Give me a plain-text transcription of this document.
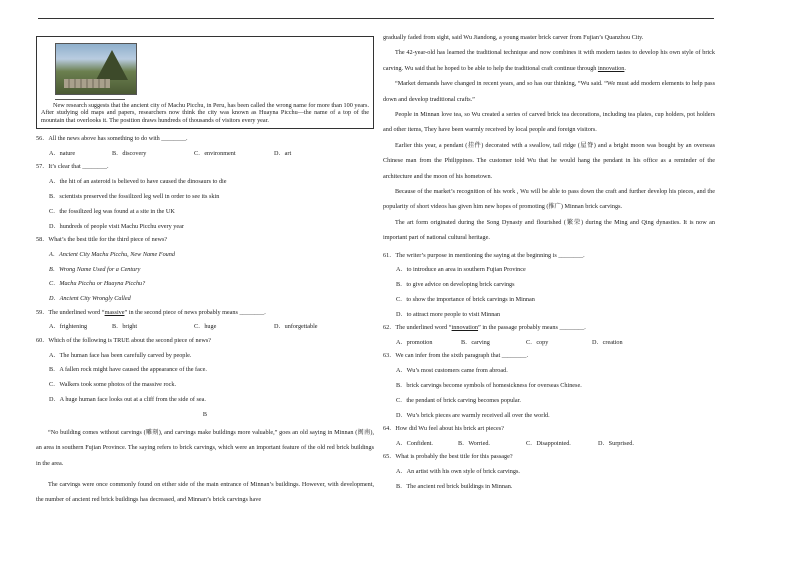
New research suggests that the ancient city of Machu Picchu, in Peru, has been called the wrong name for more than 100 years. After studying old maps and papers, researchers now think the city was known as Huayna Picchu—the name of a top of the mountain that overlooks it. The position draws hundreds of thousands of visitors every year.
56．All the news above has something to do with ________.
A．nature	B．discovery	C．environment	D．art
57．It’s clear that ________.
A．the hit of an asteroid is believed to have caused the dinosaurs to die
B．scientists preserved the fossilized leg well in order to see its skin
C．the fossilized leg was found at a site in the UK
D．hundreds of people visit Machu Picchu every year
58．What’s the best title for the third piece of news?
A．Ancient City Machu Picchu, New Name Found
B．Wrong Name Used for a Century
C．Machu Picchu or Huayna Picchu?
D．Ancient City Wrongly Called
59．The underlined word “massive” in the second piece of news probably means ________.
A．frightening	B．bright	C．huge	D．unforgettable
60．Which of the following is TRUE about the second piece of news?
A．The human face has been carefully carved by people.
B．A fallen rock might have caused the appearance of the face.
C．Walkers took some photos of the massive rock.
D．A huge human face looks out at a cliff from the side of sea.
B
“No building comes without carvings (雕刻), and carvings make buildings more valuable,” goes an old saying in Minnan (闽南), an area in southern Fujian Province. The saying refers to brick carvings, which were an important feature of the old red brick buildings in the area.
The carvings were once commonly found on either side of the main entrance of Minnan’s buildings. However, with development, the number of ancient red brick buildings has decreased, and Minnan’s brick carvings have
gradually faded from sight, said Wu Jiandong, a young master brick carver from Fujian’s Quanzhou City.
The 42-year-old has learned the traditional technique and now combines it with modern tastes to develop his own style of brick carving. Wu said that he hoped to be able to help the traditional craft continue through innovation.
“Market demands have changed in recent years, and so has our thinking, “Wu said. “We must add modern elements to help pass down and develop traditional crafts.”
People in Minnan love tea, so Wu created a series of carved brick tea decorations, including tea plates, cup holders, pot holders and other items, They have been warmly received by local people and foreign visitors.
Earlier this year, a pendant (挂件) decorated with a swallow, tail ridge (屋脊) and a bright moon was bought by an overseas Chinese man from the Philippines. The customer told Wu that he would hang the pendant in his office as a reminder of the architecture and the moon of his hometown.
Because of the market’s recognition of his work , Wu will be able to pass down the craft and further develop his pieces, and the popularity of short videos has given him new hopes of promoting (推广) Minnan brick carvings.
The art form originated during the Song Dynasty and flourished (繁荣) during the Ming and Qing dynasties. It is now an important part of national cultural heritage.
61．The writer’s purpose in mentioning the saying at the beginning is ________.
A．to introduce an area in southern Fujian Province
B．to give advice on developing brick carvings
C．to show the importance of brick carvings in Minnan
D．to attract more people to visit Minnan
62．The underlined word “innovation” in the passage probably means ________.
A．promotion	B．carving	C．copy	D．creation
63．We can infer from the sixth paragraph that ________.
A．Wu’s most customers came from abroad.
B．brick carvings become symbols of homesickness for overseas Chinese.
C．the pendant of brick carving becomes popular.
D．Wu’s brick pieces are warmly received all over the world.
64．How did Wu feel about his brick art pieces?
A．Confident.	B．Worried.	C．Disappointed.	D．Surprised.
65．What is probably the best title for this passage?
A．An artist with his own style of brick carvings.
B．The ancient red brick buildings in Minnan.
